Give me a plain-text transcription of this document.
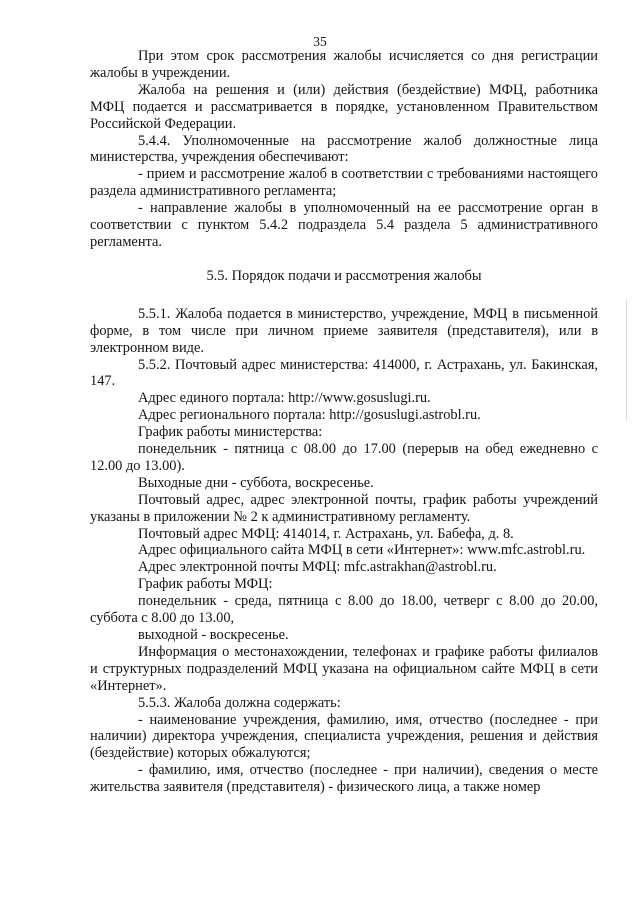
35

При этом срок рассмотрения жалобы исчисляется со дня регистрации жалобы в учреждении.

Жалоба на решения и (или) действия (бездействие) МФЦ, работника МФЦ подается и рассматривается в порядке, установленном Правительством Российской Федерации.

5.4.4. Уполномоченные на рассмотрение жалоб должностные лица министерства, учреждения обеспечивают:

- прием и рассмотрение жалоб в соответствии с требованиями настоящего раздела административного регламента;

- направление жалобы в уполномоченный на ее рассмотрение орган в соответствии с пунктом 5.4.2 подраздела 5.4 раздела 5 административного регламента.

5.5. Порядок подачи и рассмотрения жалобы

5.5.1. Жалоба подается в министерство, учреждение, МФЦ в письменной форме, в том числе при личном приеме заявителя (представителя), или в электронном виде.

5.5.2. Почтовый адрес министерства: 414000, г. Астрахань, ул. Бакинская, 147.

Адрес единого портала: http://www.gosuslugi.ru.

Адрес регионального портала: http://gosuslugi.astrobl.ru.

График работы министерства:

понедельник - пятница с 08.00 до 17.00 (перерыв на обед ежедневно с 12.00 до 13.00).

Выходные дни - суббота, воскресенье.

Почтовый адрес, адрес электронной почты, график работы учреждений указаны в приложении № 2 к административному регламенту.

Почтовый адрес МФЦ: 414014, г. Астрахань, ул. Бабефа, д. 8.

Адрес официального сайта МФЦ в сети «Интернет»: www.mfc.astrobl.ru.

Адрес электронной почты МФЦ: mfc.astrakhan@astrobl.ru.

График работы МФЦ:

понедельник - среда, пятница с 8.00 до 18.00, четверг с 8.00 до 20.00, суббота с 8.00 до 13.00,

выходной - воскресенье.

Информация о местонахождении, телефонах и графике работы филиалов и структурных подразделений МФЦ указана на официальном сайте МФЦ в сети «Интернет».

5.5.3. Жалоба должна содержать:

- наименование учреждения, фамилию, имя, отчество (последнее - при наличии) директора учреждения, специалиста учреждения, решения и действия (бездействие) которых обжалуются;

- фамилию, имя, отчество (последнее - при наличии), сведения о месте жительства заявителя (представителя) - физического лица, а также номер
